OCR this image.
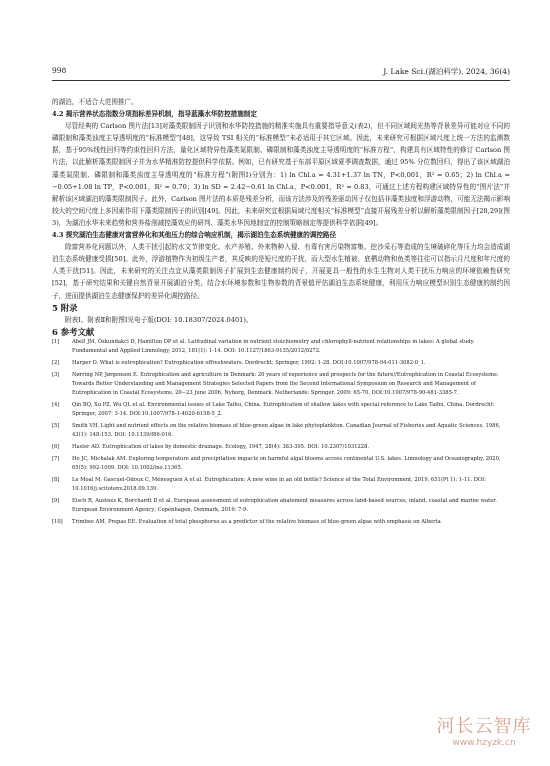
998	J. Lake Sci.(湖泊科学), 2024, 36(4)

的湖泊，不适合大范围推广。

4.2 揭示营养状态指数分项指标差异机制，指导蓝藻水华防控措施制定

尽管经典的 Carlson 图片法[13]对藻类限制因子识别和水华防控措施的精准实施具有重要指导意义(表2)，但不同区域间光热等背景差异可能对应不同的磷限制和藻类浊度主导透明度的“标准模型”[48]，这导致 TSI 相关的“标准模型”未必适用于其它区域。因此，未来研究可根据区域尺度上统一方法的监测数据，基于95%线性回归等约束性回归方法，量化区域特异性藻类氮限制、磷限制和藻类浊度主导透明度的“标准方程”，构建具有区域特性的修订 Carlson 图片法，以此解析藻类限制因子并为水华精准防控提供科学依据。例如，已有研究基于东部平原区域夏季调查数据，通过 95% 分位数回归，得出了该区域湖泊藻类氮限制、磷限制和藻类浊度主导透明度的“标准方程”(附图Ⅰ)分别为：1) ln Chl.a = 4.31+1.37 ln TN，P<0.001，R² = 0.65；2) ln Chl.a = −0.05+1.08 ln TP，P<0.001，R² = 0.70；3) ln SD = 2.42−0.61 ln Chl.a，P<0.001，R² = 0.83，可通过上述方程构建区域特异性的“图片法”并解析该区域湖泊的藻类限制因子。此外，Carlson 图片法的本质是残差分析，而该方法涉及的残差驱动因子仅包括非藻类浊度和浮游动物，可能无法揭示影响较大的空间尺度上多因素作用下藻类限制因子的识别[49]。因此，未来研究宜根据局域尺度相关“标准模型”直接开展残差分析以解析藻类限制因子[28,29](图3)，为湖泊水华未来趋势和营养盐削减控藻效应的研判、藻类水华因地制宜的控制策略制定等提供科学依据[49]。

4.3 探究湖泊生态健康对富营养化和其他压力的综合响应机制，揭示湖泊生态系统健康的调控路径

除富营养化问题以外，人类干扰引起的水文节律变化、水产养殖、外来物种入侵、有毒有害污染物富集、挖沙采石等造成的生境破碎化等压力均会造成湖泊生态系统健康受损[50]。此外，浮游植物作为初级生产者，其反映的是短尺度的干扰，而大型水生植被、底栖动物和鱼类等往往可以指示月尺度和年尺度的人类干扰[51]。因此，未来研究的关注点宜从藻类限制因子扩展到生态健康制约因子，开展更具一般性的水生生物对人类干扰压力响应的环境依赖性研究[52]，基于研究结果和关键自然背景开展湖泊分类，结合水环境参数和生物参数的背景值评估湖泊生态系统健康，利用压力响应模型识别生态健康的制约因子，进而提供湖泊生态健康保护的差异化调控路径。

5 附录

附表Ⅰ、附表Ⅱ和附图Ⅰ见电子版(DOI: 10.18307/2024.0401)。

6 参考文献

[1] Abell JM, Özkundakci D, Hamilton DP et al. Latitudinal variation in nutrient stoichiometry and chlorophyll-nutrient relationships in lakes: A global study. Fundamental and Applied Limnology, 2012, 181(1): 1-14. DOI: 10.1127/1863-9135/2012/0272.
[2] Harper D. What is eutrophication? Eutrophication offreshwaters. Dordrecht: Springer, 1992: 1-28. DOI:10.1007/978-94-011-3082-0_1.
[3] Nørring NP, Jørgensen E. Eutrophication and agriculture in Denmark: 20 years of experience and prospects for the future//Eutrophication in Coastal Ecosystems: Towards Better Understanding and Management Strategies Selected Papers from the Second International Symposium on Research and Management of Eutrophication in Coastal Ecosystems, 20−23 June 2006, Nyborg, Denmark. Netherlands: Springer, 2009: 65-70. DOI:10.1007/978-90-481-3385-7.
[4] Qin BQ, Xu PZ, Wu QL et al. Environmental issues of Lake Taihu, China. Eutrophication of shallow lakes with special reference to Lake Taihu, China. Dordrecht: Springer, 2007: 3-14. DOI:10.1007/978-1-4020-6158-5_2.
[5] Smith VH. Light and nutrient effects on the relative biomass of blue-green algae in lake phytoplankton. Canadian Journal of Fisheries and Aquatic Sciences, 1986, 43(1): 148-153. DOI: 10.1139/f86-016.
[6] Hasler AD. Eutrophication of lakes by domestic drainage. Ecology, 1947, 28(4): 383-395. DOI: 10.2307/1931228.
[7] Ho JC, Michalak AM. Exploring temperature and precipitation impacts on harmful algal blooms across continental U.S. lakes. Limnology and Oceanography, 2020, 65(5): 992-1009. DOI: 10.1002/lno.11365.
[8] Le Moal M, Gascuel-Odoux C, Ménesguen A et al. Eutrophication: A new wine in an old bottle? Science of the Total Environment, 2019, 651(Pt 1): 1-11. DOI: 10.1016/j.scitotenv.2018.09.139.
[9] Eisch R, Austnes K, Borchardt D et al. European assessment of eutrophication abatement measures across land-based sources, inland, coastal and marine water. European Environment Agency; Copenhagen, Denmark, 2016: 7-9.
[10] Trimbee AM, Prepas EE. Evaluation of total phosphorus as a predictor of the relative biomass of blue-green algae with emphasis on Alberta
河长云智库
www.hzyzk.cn
